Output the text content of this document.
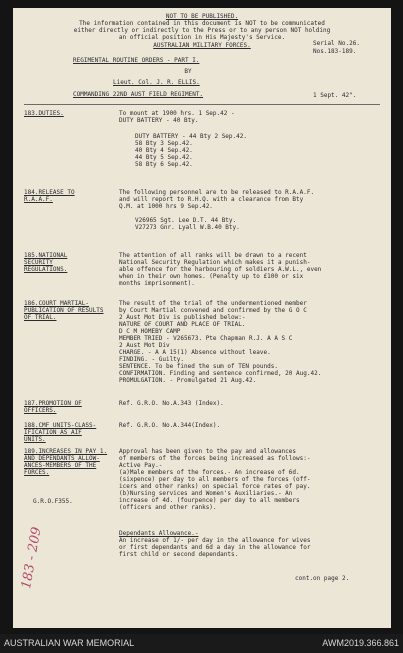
NOT TO BE PUBLISHED.
The information contained in this document is NOT to be communicated
either directly or indirectly to the Press or to any person NOT holding
an official position in His Majesty's Service.
AUSTRALIAN MILITARY FORCES.	Serial No.26.
Nos.183-189.
REGIMENTAL ROUTINE ORDERS - PART I.
BY
Lieut. Col. J. R. ELLIS.
COMMANDING 22ND AUST FIELD REGIMENT.	1 Sept. 42".
183.DUTIES.	To mount at 1900 hrs. 1 Sep.42 -
DUTY BATTERY - 40 Bty.
DUTY BATTERY - 44 Bty 2 Sep.42.
58 Bty 3 Sep.42.
40 Bty 4 Sep.42.
44 Bty 5 Sep.42.
58 Bty 6 Sep.42.
184.RELEASE TO
R.A.A.F.
The following personnel are to be released to R.A.A.F.
and will report to R.H.Q. with a clearance from Bty
Q.M. at 1000 hrs 9 Sep.42.
V26965 Sgt. Lee D.T. 44 Bty.
V27273 Gnr. Lyall W.B.40 Bty.
185.NATIONAL
SECURITY
REGULATIONS.
The attention of all ranks will be drawn to a recent
National Security Regulation which makes it a punish-
able offence for the harbouring of soldiers A.W.L., even
when in their own homes. (Penalty up to £100 or six
months imprisonment).
186.COURT MARTIAL-
PUBLICATION OF RESULTS
OF TRIAL.
The result of the trial of the undermentioned member
by Court Martial convened and confirmed by the G O C
2 Aust Mot Div is published below:-
NATURE OF COURT AND PLACE OF TRIAL.
D C M HOMEBY CAMP
MEMBER TRIED - V265673. Pte Chapman R.J. A A S C
2 Aust Mot Div
CHARGE. - A A 15(1) Absence without leave.
FINDING. - Guilty.
SENTENCE. To be fined the sum of TEN pounds.
CONFIRMATION. Finding and sentence confirmed, 20 Aug.42.
PROMULGATION. - Promulgated 21 Aug.42.
187.PROMOTION OF
OFFICERS.
Ref. G.R.O. No.A.343 (Index).
188.CMF UNITS-CLASS-
IFICATION AS AIF
UNITS.
Ref. G.R.O. No.A.344(Index).
189.INCREASES IN PAY 1.
AND DEPENDANTS ALLOW-
ANCES-MEMBERS OF THE
FORCES.
Approval has been given to the pay and allowances
of members of the forces being increased as follows:-
Active Pay.-
(a)Male members of the forces.- An increase of 6d.
(sixpence) per day to all members of the forces (off-
icers and other ranks) on special force rates of pay.
(b)Nursing services and Women's Auxiliaries.- An
increase of 4d. (fourpence) per day to all members
(officers and other ranks).
G.R.O.F355.
Dependants Allowance.-
An increase of 1/- per day in the allowance for wives
or first dependants and 6d a day in the allowance for
first child or second dependants.
cont.on page 2.
183 - 209
AUSTRALIAN WAR MEMORIAL	AWM2019.366.861
